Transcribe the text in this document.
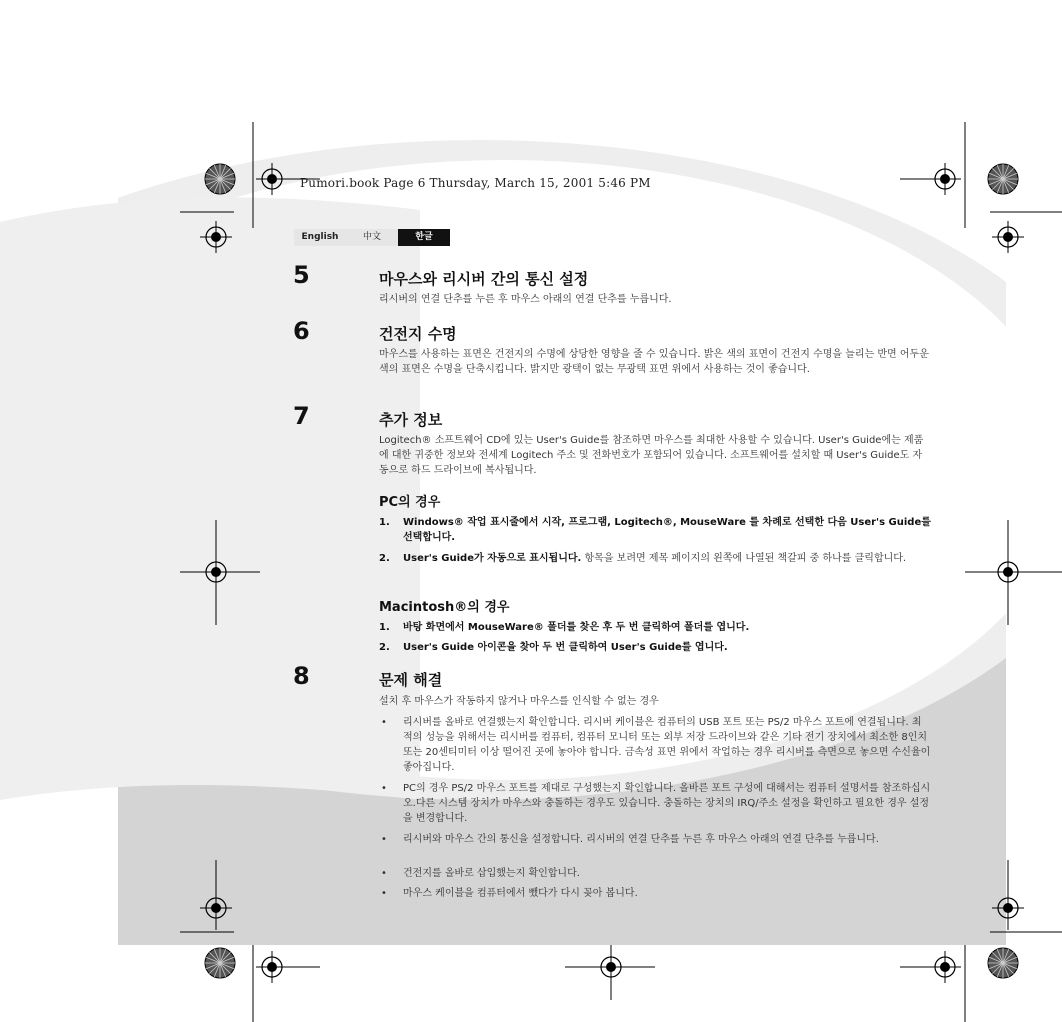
Pumori.book Page 6 Thursday, March 15, 2001 5:46 PM
English	中文	한글
5	마우스와 리시버 간의 통신 설정
리시버의 연결 단추를 누른 후 마우스 아래의 연결 단추를 누릅니다.
6	건전지 수명
마우스를 사용하는 표면은 건전지의 수명에 상당한 영향을 줄 수 있습니다. 밝은 색의 표면이 건전지 수명을 늘리는 반면 어두운 색의 표면은 수명을 단축시킵니다. 밝지만 광택이 없는 무광택 표면 위에서 사용하는 것이 좋습니다.
7	추가 정보
Logitech® 소프트웨어 CD에 있는 User's Guide를 참조하면 마우스를 최대한 사용할 수 있습니다. User's Guide에는 제품에 대한 귀중한 정보와 전세계 Logitech 주소 및 전화번호가 포함되어 있습니다. 소프트웨어를 설치할 때 User's Guide도 자동으로 하드 드라이브에 복사됩니다.
PC의 경우
1. Windows® 작업 표시줄에서 시작, 프로그램, Logitech®, MouseWare 를 차례로 선택한 다음 User's Guide를 선택합니다.
2. User's Guide가 자동으로 표시됩니다. 항목을 보려면 제목 페이지의 왼쪽에 나열된 책갈피 중 하나를 클릭합니다.
Macintosh®의 경우
1. 바탕 화면에서 MouseWare® 폴더를 찾은 후 두 번 클릭하여 폴더를 엽니다.
2. User's Guide 아이콘을 찾아 두 번 클릭하여 User's Guide를 엽니다.
8	문제 해결
설치 후 마우스가 작동하지 않거나 마우스를 인식할 수 없는 경우
• 리시버를 올바로 연결했는지 확인합니다. 리시버 케이블은 컴퓨터의 USB 포트 또는 PS/2 마우스 포트에 연결됩니다. 최적의 성능을 위해서는 리시버를 컴퓨터, 컴퓨터 모니터 또는 외부 저장 드라이브와 같은 기타 전기 장치에서 최소한 8인치 또는 20센티미터 이상 떨어진 곳에 놓아야 합니다. 금속성 표면 위에서 작업하는 경우 리시버를 측면으로 놓으면 수신율이 좋아집니다.
• PC의 경우 PS/2 마우스 포트를 제대로 구성했는지 확인합니다. 올바른 포트 구성에 대해서는 컴퓨터 설명서를 참조하십시오.다른 시스템 장치가 마우스와 충돌하는 경우도 있습니다. 충돌하는 장치의 IRQ/주소 설정을 확인하고 필요한 경우 설정을 변경합니다.
• 리시버와 마우스 간의 통신을 설정합니다. 리시버의 연결 단추를 누른 후 마우스 아래의 연결 단추를 누릅니다.
• 건전지를 올바로 삽입했는지 확인합니다.
• 마우스 케이블을 컴퓨터에서 뺐다가 다시 꽂아 봅니다.
